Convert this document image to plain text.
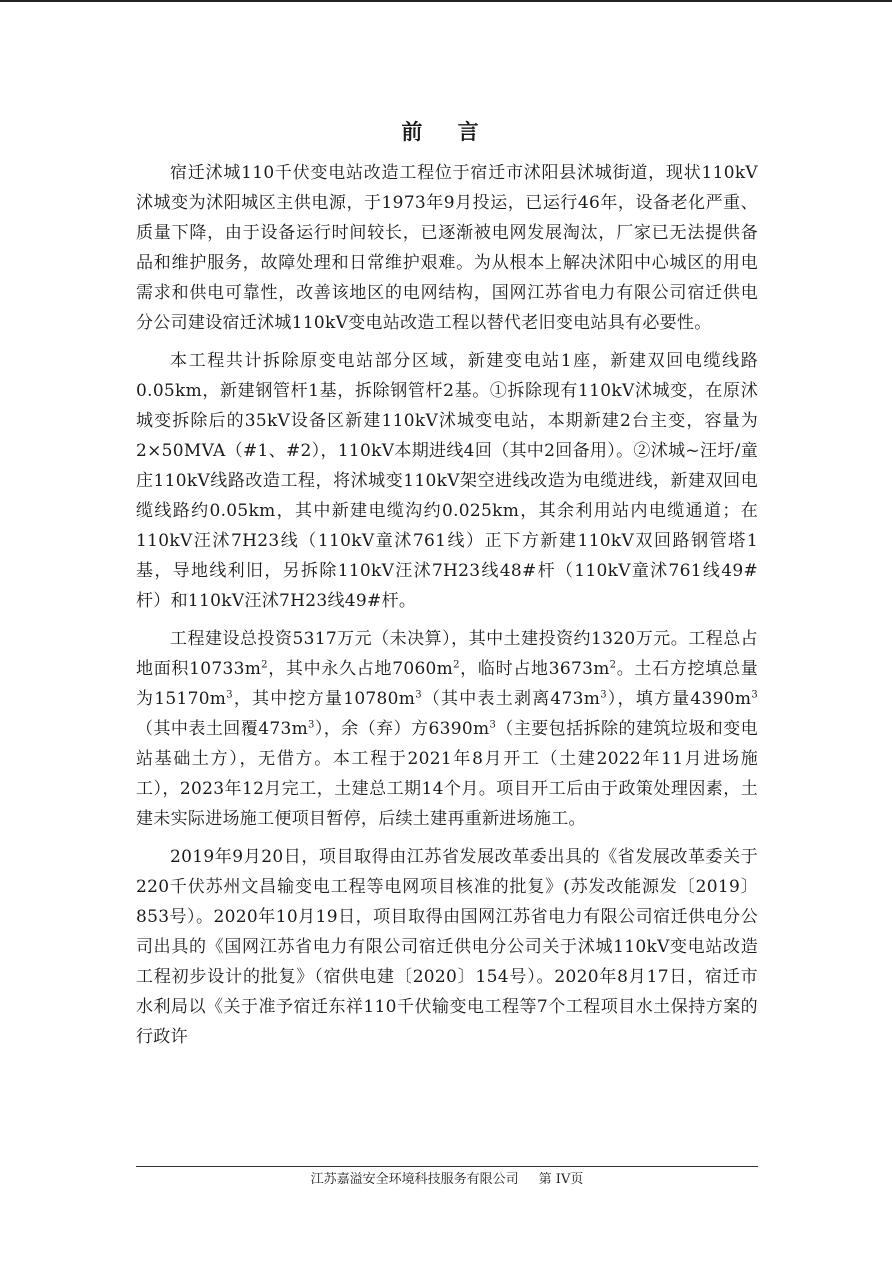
前 言

宿迁沭城110千伏变电站改造工程位于宿迁市沭阳县沭城街道，现状110kV沭城变为沭阳城区主供电源，于1973年9月投运，已运行46年，设备老化严重、质量下降，由于设备运行时间较长，已逐渐被电网发展淘汰，厂家已无法提供备品和维护服务，故障处理和日常维护艰难。为从根本上解决沭阳中心城区的用电需求和供电可靠性，改善该地区的电网结构，国网江苏省电力有限公司宿迁供电分公司建设宿迁沭城110kV变电站改造工程以替代老旧变电站具有必要性。

本工程共计拆除原变电站部分区域，新建变电站1座，新建双回电缆线路0.05km，新建钢管杆1基，拆除钢管杆2基。①拆除现有110kV沭城变，在原沭城变拆除后的35kV设备区新建110kV沭城变电站，本期新建2台主变，容量为2×50MVA（#1、#2），110kV本期进线4回（其中2回备用）。②沭城~汪圩/童庄110kV线路改造工程，将沭城变110kV架空进线改造为电缆进线，新建双回电缆线路约0.05km，其中新建电缆沟约0.025km，其余利用站内电缆通道；在110kV汪沭7H23线（110kV童沭761线）正下方新建110kV双回路钢管塔1基，导地线利旧，另拆除110kV汪沭7H23线48#杆（110kV童沭761线49#杆）和110kV汪沭7H23线49#杆。

工程建设总投资5317万元（未决算），其中土建投资约1320万元。工程总占地面积$10733m^2$，其中永久占地$7060m^2$，临时占地$3673m^2$。土石方挖填总量为$15170m^3$，其中挖方量$10780m^3$（其中表土剥离$473m^3$），填方量$4390m^3$（其中表土回覆$473m^3$），余（弃）方$6390m^3$（主要包括拆除的建筑垃圾和变电站基础土方），无借方。本工程于2021年8月开工（土建2022年11月进场施工），2023年12月完工，土建总工期14个月。项目开工后由于政策处理因素，土建未实际进场施工便项目暂停，后续土建再重新进场施工。

2019年9月20日，项目取得由江苏省发展改革委出具的《省发展改革委关于220千伏苏州文昌输变电工程等电网项目核准的批复》(苏发改能源发〔2019〕853号）。2020年10月19日，项目取得由国网江苏省电力有限公司宿迁供电分公司出具的《国网江苏省电力有限公司宿迁供电分公司关于沭城110kV变电站改造工程初步设计的批复》（宿供电建〔2020〕154号）。2020年8月17日，宿迁市水利局以《关于准予宿迁东祥110千伏输变电工程等7个工程项目水土保持方案的行政许

江苏嘉溢安全环境科技服务有限公司 第 IV页
